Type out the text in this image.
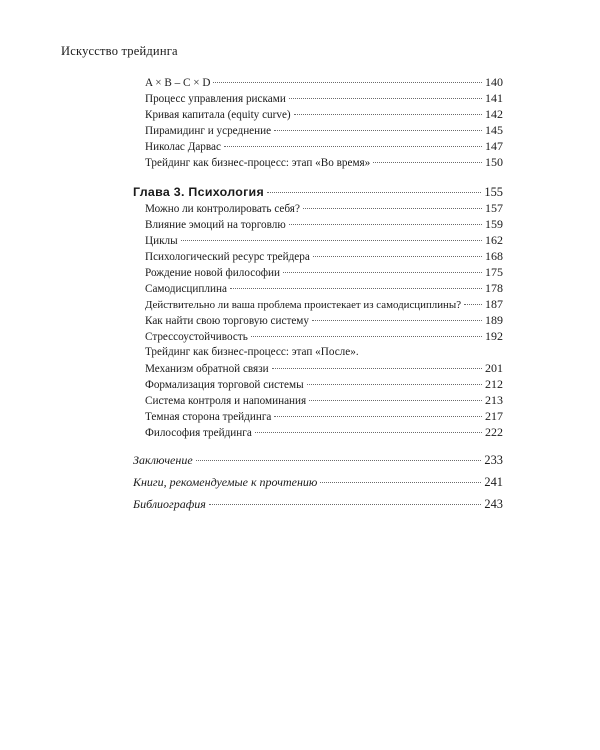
Искусство трейдинга
A × B – C × D	140
Процесс управления рисками	141
Кривая капитала (equity curve)	142
Пирамидинг и усреднение	145
Николас Дарвас	147
Трейдинг как бизнес-процесс: этап «Во время»	150
Глава 3. Психология	155
Можно ли контролировать себя?	157
Влияние эмоций на торговлю	159
Циклы	162
Психологический ресурс трейдера	168
Рождение новой философии	175
Самодисциплина	178
Действительно ли ваша проблема проистекает из самодисциплины? 187
Как найти свою торговую систему	189
Стрессоустойчивость	192
Трейдинг как бизнес-процесс: этап «После».
Механизм обратной связи	201
Формализация торговой системы	212
Система контроля и напоминания	213
Темная сторона трейдинга	217
Философия трейдинга	222
Заключение	233
Книги, рекомендуемые к прочтению	241
Библиография	243
